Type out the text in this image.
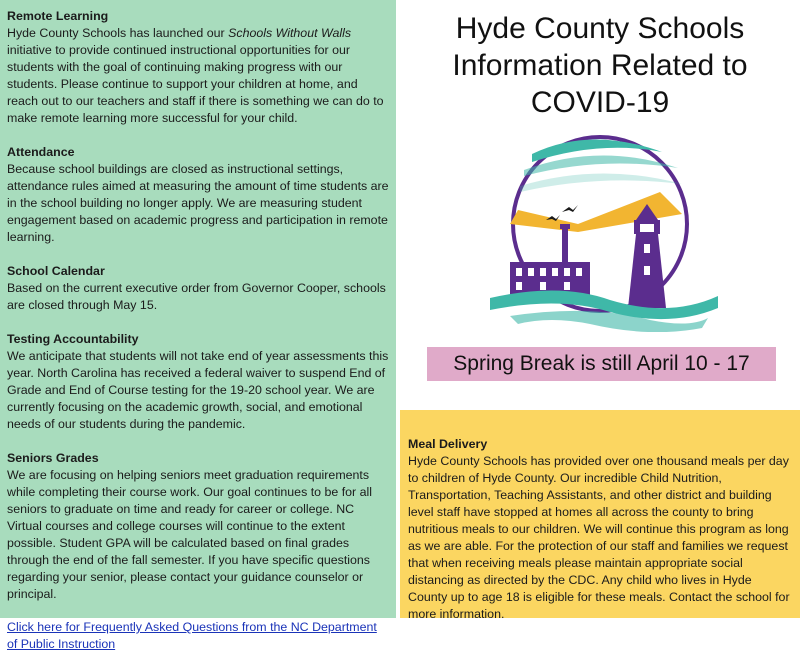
Remote Learning
Hyde County Schools has launched our Schools Without Walls initiative to provide continued instructional opportunities for our students with the goal of continuing making progress with our students. Please continue to support your children at home, and reach out to our teachers and staff if there is something we can do to make remote learning more successful for your child.
Attendance
Because school buildings are closed as instructional settings, attendance rules aimed at measuring the amount of time students are in the school building no longer apply. We are measuring student engagement based on academic progress and participation in remote learning.
School Calendar
Based on the current executive order from Governor Cooper, schools are closed through May 15.
Testing Accountability
We anticipate that students will not take end of year assessments this year. North Carolina has received a federal waiver to suspend End of Grade and End of Course testing for the 19-20 school year. We are currently focusing on the academic growth, social, and emotional needs of our students during the pandemic.
Seniors Grades
We are focusing on helping seniors meet graduation requirements while completing their course work. Our goal continues to be for all seniors to graduate on time and ready for career or college. NC Virtual courses and college courses will continue to the extent possible. Student GPA will be calculated based on final grades through the end of the fall semester. If you have specific questions regarding your senior, please contact your guidance counselor or principal.
Click here for Frequently Asked Questions from the NC Department of Public Instruction
Hyde County Schools
Information Related to
COVID-19
Spring Break is still April 10 - 17
Meal Delivery
Hyde County Schools has provided over one thousand meals per day to children of Hyde County. Our incredible Child Nutrition, Transportation, Teaching Assistants, and other district and building level staff have stopped at homes all across the county to bring nutritious meals to our children. We will continue this program as long as we are able. For the protection of our staff and families we request that when receiving meals please maintain appropriate social distancing as directed by the CDC. Any child who lives in Hyde County up to age 18 is eligible for these meals. Contact the school for more information.
